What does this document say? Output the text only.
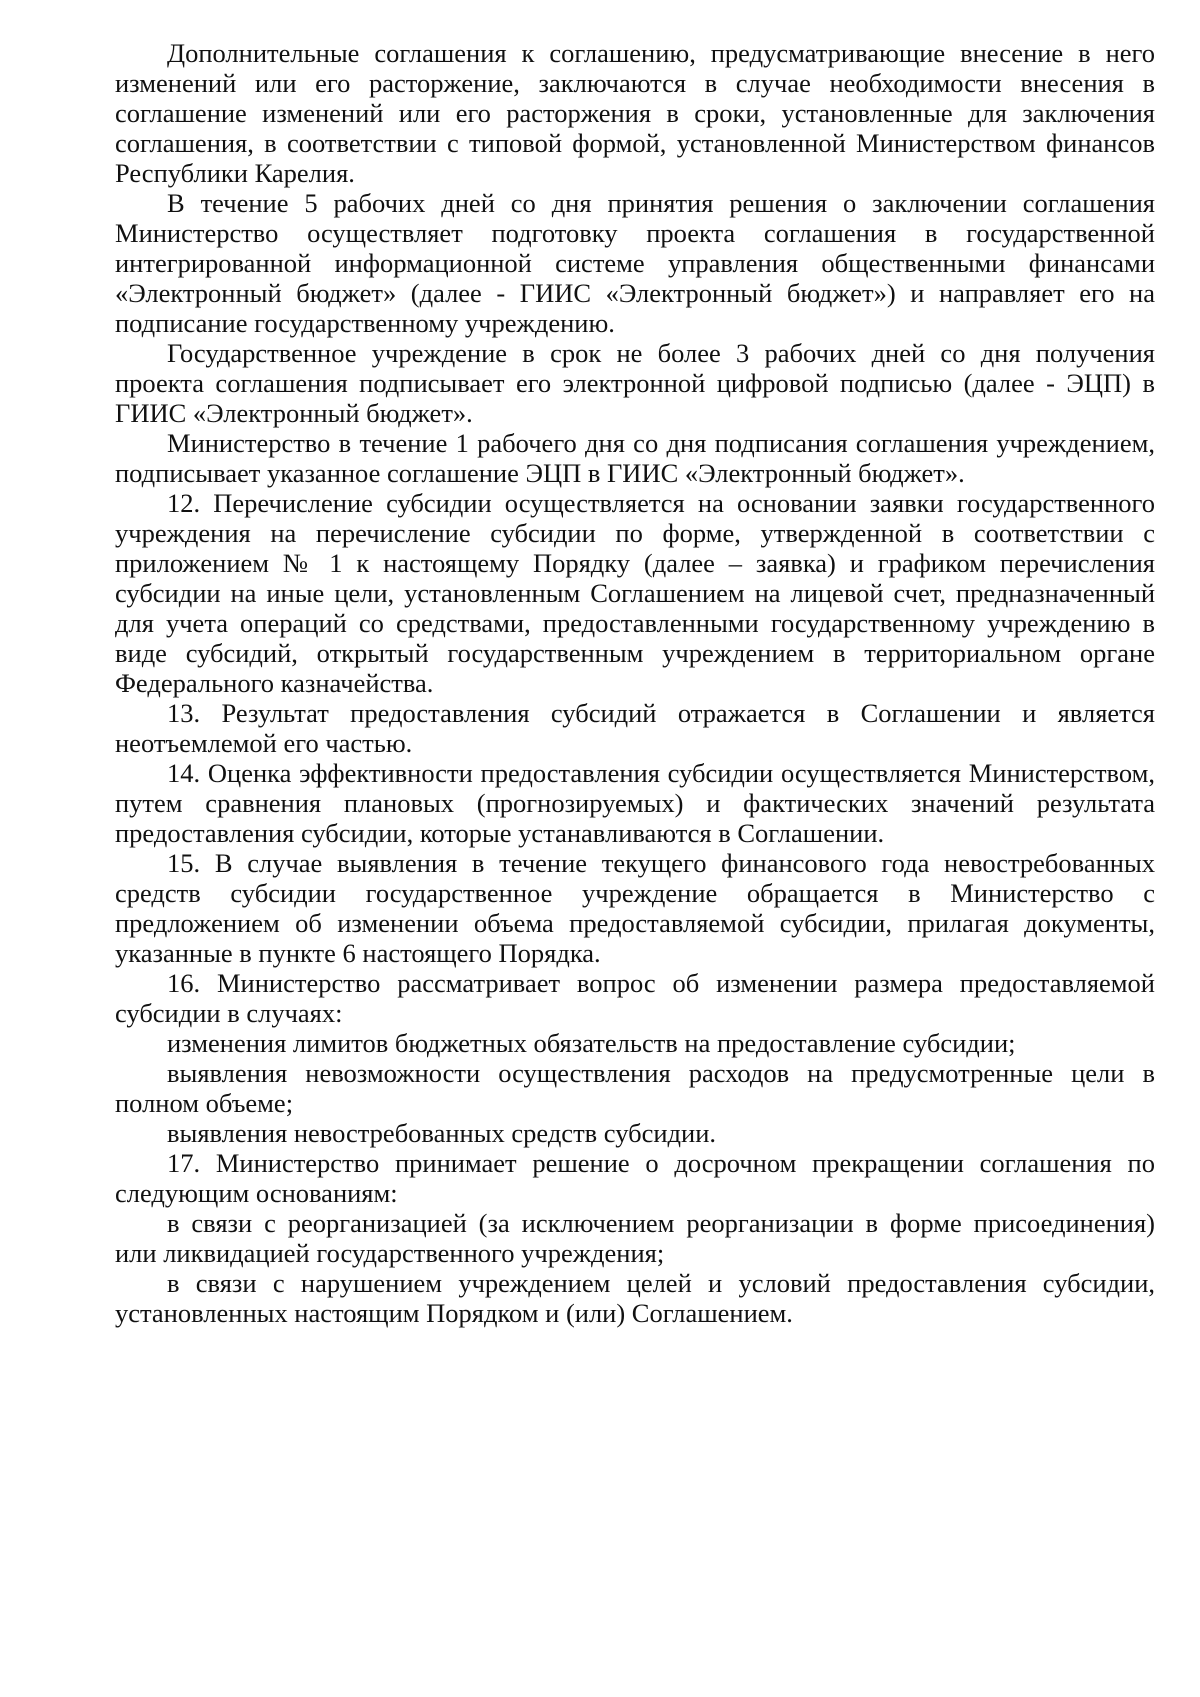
Дополнительные соглашения к соглашению, предусматривающие внесение в него изменений или его расторжение, заключаются в случае необходимости внесения в соглашение изменений или его расторжения в сроки, установленные для заключения соглашения, в соответствии с типовой формой, установленной Министерством финансов Республики Карелия.

В течение 5 рабочих дней со дня принятия решения о заключении соглашения Министерство осуществляет подготовку проекта соглашения в государственной интегрированной информационной системе управления общественными финансами «Электронный бюджет» (далее - ГИИС «Электронный бюджет») и направляет его на подписание государственному учреждению.

Государственное учреждение в срок не более 3 рабочих дней со дня получения проекта соглашения подписывает его электронной цифровой подписью (далее - ЭЦП) в ГИИС «Электронный бюджет».

Министерство в течение 1 рабочего дня со дня подписания соглашения учреждением, подписывает указанное соглашение ЭЦП в ГИИС «Электронный бюджет».

12. Перечисление субсидии осуществляется на основании заявки государственного учреждения на перечисление субсидии по форме, утвержденной в соответствии с приложением № 1 к настоящему Порядку (далее – заявка) и графиком перечисления субсидии на иные цели, установленным Соглашением на лицевой счет, предназначенный для учета операций со средствами, предоставленными государственному учреждению в виде субсидий, открытый государственным учреждением в территориальном органе Федерального казначейства.

13. Результат предоставления субсидий отражается в Соглашении и является неотъемлемой его частью.

14. Оценка эффективности предоставления субсидии осуществляется Министерством, путем сравнения плановых (прогнозируемых) и фактических значений результата предоставления субсидии, которые устанавливаются в Соглашении.

15. В случае выявления в течение текущего финансового года невостребованных средств субсидии государственное учреждение обращается в Министерство с предложением об изменении объема предоставляемой субсидии, прилагая документы, указанные в пункте 6 настоящего Порядка.

16. Министерство рассматривает вопрос об изменении размера предоставляемой субсидии в случаях:

изменения лимитов бюджетных обязательств на предоставление субсидии;

выявления невозможности осуществления расходов на предусмотренные цели в полном объеме;

выявления невостребованных средств субсидии.

17. Министерство принимает решение о досрочном прекращении соглашения по следующим основаниям:

в связи с реорганизацией (за исключением реорганизации в форме присоединения) или ликвидацией государственного учреждения;

в связи с нарушением учреждением целей и условий предоставления субсидии, установленных настоящим Порядком и (или) Соглашением.
